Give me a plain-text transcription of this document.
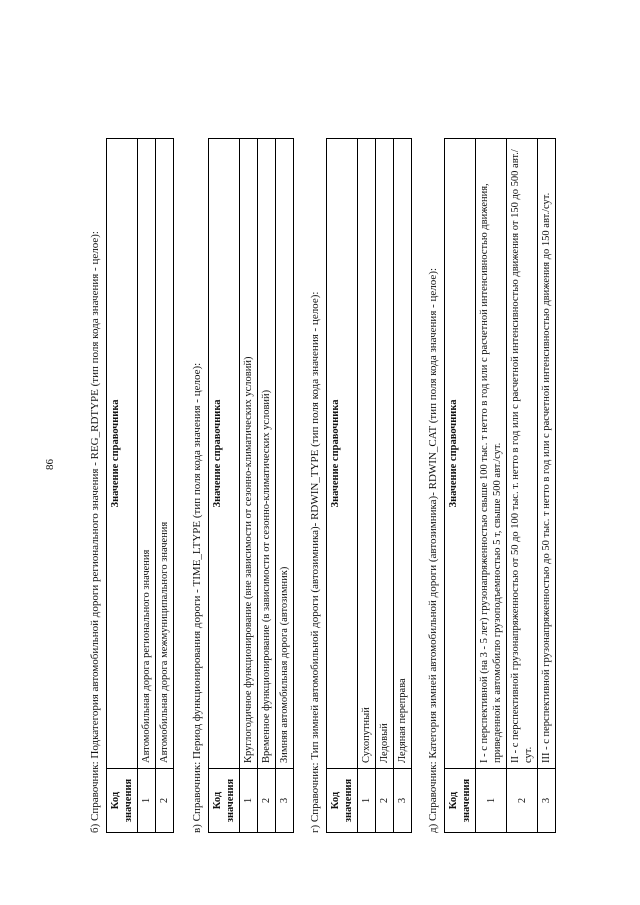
86	б) Справочник: Подкатегория автомобильной дороги регионального значения - REG_RDTYPE (тип поля кода значения - целое): Код значения	Значение справочника
1	Автомобильная дорога регионального значения
2	Автомобильная дорога межмуниципального значения в) Справочник: Период функционирования дороги - TIME_LTYPE (тип поля кода значения - целое): Код значения	Значение справочника
1	Круглогодичное функционирование (вне зависимости от сезонно-климатических условий)
2	Временное функционирование (в зависимости от сезонно-климатических условий)
3	Зимняя автомобильная дорога (автозимник) г) Справочник: Тип зимней автомобильной дороги (автозимника)- RDWIN_TYPE (тип поля кода значения - целое): Код значения	Значение справочника
1	Сухопутный
2	Ледовый
3	Ледяная переправа д) Справочник: Категория зимней автомобильной дороги (автозимника)- RDWIN_CAT (тип поля кода значения - целое): Код значения	Значение справочника
1	I - с перспективной (на 3 - 5 лет) грузонапряженностью свыше 100 тыс. т нетто в год или с расчетной интенсивностью движения, приведенной к автомобилю грузоподъемностью 5 т, свыше 500 авт./сут.
2	II - с перспективной грузонапряженностью от 50 до 100 тыс. т. нетто в год или с расчетной интенсивностью движения от 150 до 500 авт./сут.
3	III - с перспективной грузонапряженностью до 50 тыс. т нетто в год или с расчетной интенсивностью движения до 150 авт./сут.
